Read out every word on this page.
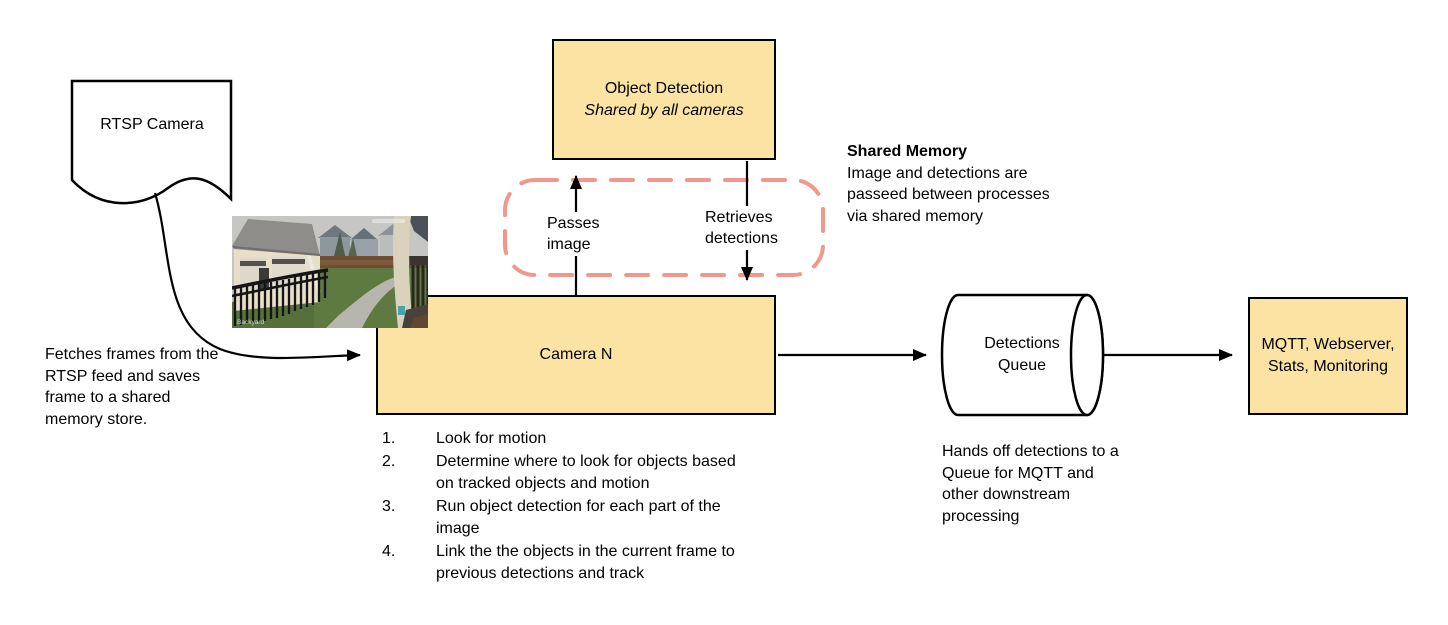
RTSP Camera
Object Detection
Shared by all cameras
Camera N
MQTT, Webserver, Stats, Monitoring
Detections Queue
Passes image
Retrieves detections
Fetches frames from the RTSP feed and saves frame to a shared memory store.
Shared Memory
Image and detections are passeed between processes via shared memory
1.	Look for motion
2.	Determine where to look for objects based on tracked objects and motion
3.	Run object detection for each part of the image
4.	Link the the objects in the current frame to previous detections and track
Hands off detections to a Queue for MQTT and other downstream processing
Backyard
